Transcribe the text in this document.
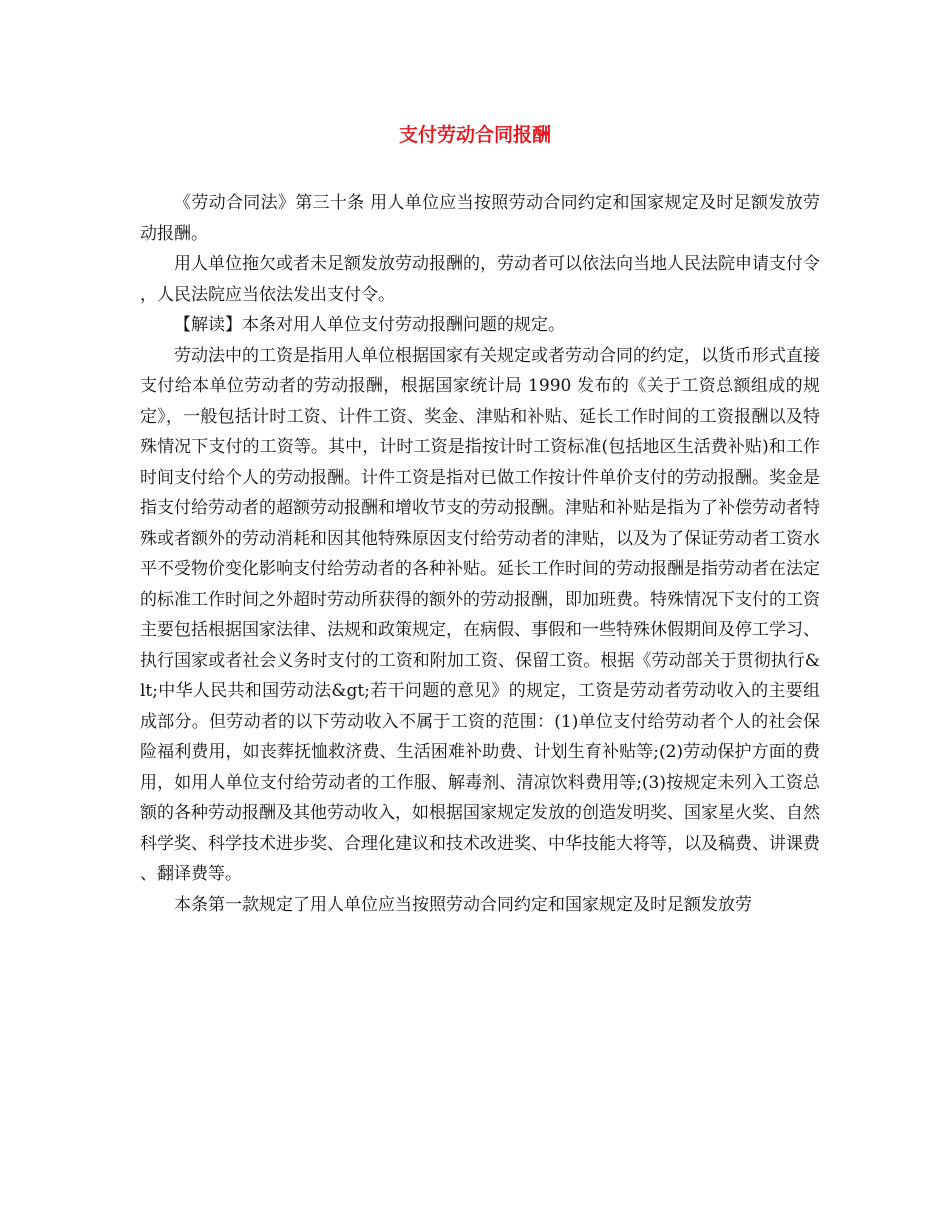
支付劳动合同报酬

《劳动合同法》第三十条 用人单位应当按照劳动合同约定和国家规定及时足额发放劳动报酬。

用人单位拖欠或者未足额发放劳动报酬的，劳动者可以依法向当地人民法院申请支付令，人民法院应当依法发出支付令。

【解读】本条对用人单位支付劳动报酬问题的规定。

劳动法中的工资是指用人单位根据国家有关规定或者劳动合同的约定，以货币形式直接支付给本单位劳动者的劳动报酬，根据国家统计局 1990 发布的《关于工资总额组成的规定》，一般包括计时工资、计件工资、奖金、津贴和补贴、延长工作时间的工资报酬以及特殊情况下支付的工资等。其中，计时工资是指按计时工资标准(包括地区生活费补贴)和工作时间支付给个人的劳动报酬。计件工资是指对已做工作按计件单价支付的劳动报酬。奖金是指支付给劳动者的超额劳动报酬和增收节支的劳动报酬。津贴和补贴是指为了补偿劳动者特殊或者额外的劳动消耗和因其他特殊原因支付给劳动者的津贴，以及为了保证劳动者工资水平不受物价变化影响支付给劳动者的各种补贴。延长工作时间的劳动报酬是指劳动者在法定的标准工作时间之外超时劳动所获得的额外的劳动报酬，即加班费。特殊情况下支付的工资主要包括根据国家法律、法规和政策规定，在病假、事假和一些特殊休假期间及停工学习、执行国家或者社会义务时支付的工资和附加工资、保留工资。根据《劳动部关于贯彻执行&lt;中华人民共和国劳动法&gt;若干问题的意见》的规定，工资是劳动者劳动收入的主要组成部分。但劳动者的以下劳动收入不属于工资的范围：(1)单位支付给劳动者个人的社会保险福利费用，如丧葬抚恤救济费、生活困难补助费、计划生育补贴等;(2)劳动保护方面的费用，如用人单位支付给劳动者的工作服、解毒剂、清凉饮料费用等;(3)按规定未列入工资总额的各种劳动报酬及其他劳动收入，如根据国家规定发放的创造发明奖、国家星火奖、自然科学奖、科学技术进步奖、合理化建议和技术改进奖、中华技能大将等，以及稿费、讲课费、翻译费等。

本条第一款规定了用人单位应当按照劳动合同约定和国家规定及时足额发放劳
